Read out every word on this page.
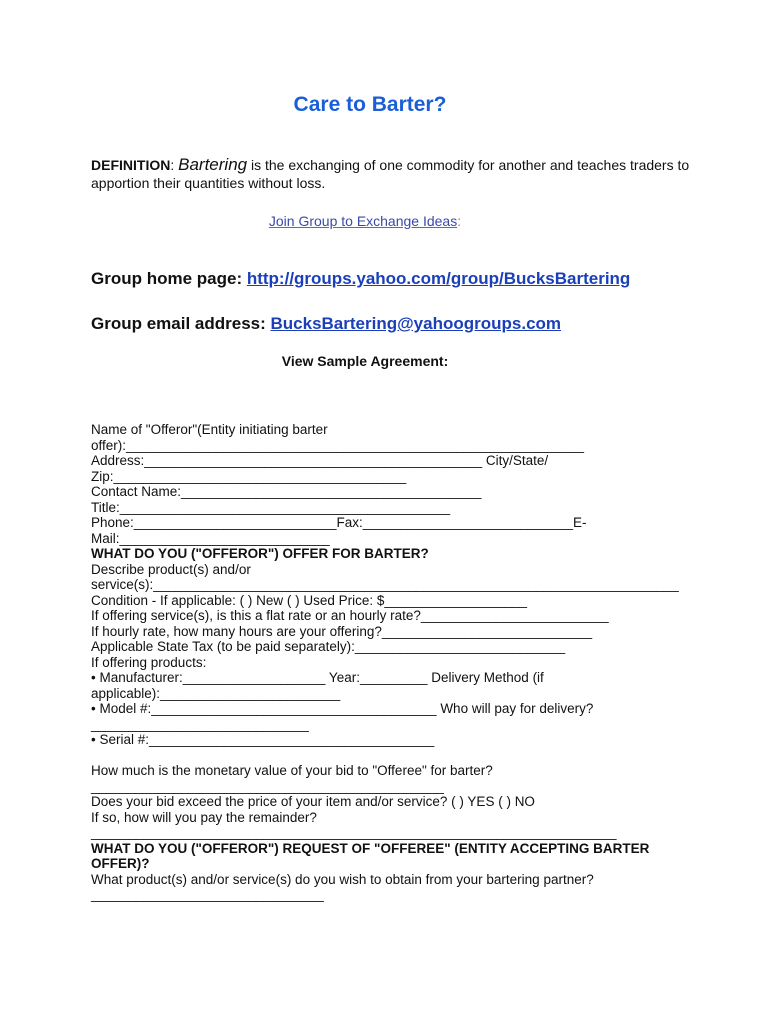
Care to Barter?
DEFINITION: Bartering is the exchanging of one commodity for another and teaches traders to apportion their quantities without loss.
Join Group to Exchange Ideas:
Group home page: http://groups.yahoo.com/group/BucksBartering
Group email address: BucksBartering@yahoogroups.com
View Sample Agreement:
Name of "Offeror"(Entity initiating barter
offer):_____________________________________________________________
Address:_____________________________________________ City/State/
Zip:_______________________________________
Contact Name:________________________________________
Title:____________________________________________
Phone:___________________________Fax:____________________________E-
Mail:____________________________
WHAT DO YOU ("OFFEROR") OFFER FOR BARTER?
Describe product(s) and/or
service(s):______________________________________________________________________
Condition - If applicable: ( ) New ( ) Used Price: $___________________
If offering service(s), is this a flat rate or an hourly rate?_________________________
If hourly rate, how many hours are your offering?____________________________
Applicable State Tax (to be paid separately):____________________________
If offering products:
• Manufacturer:___________________ Year:_________ Delivery Method (if
applicable):________________________
• Model #:______________________________________ Who will pay for delivery?
_____________________________
• Serial #:______________________________________
How much is the monetary value of your bid to "Offeree" for barter?
_______________________________________________
Does your bid exceed the price of your item and/or service? ( ) YES ( ) NO
If so, how will you pay the remainder?
______________________________________________________________________
WHAT DO YOU ("OFFEROR") REQUEST OF "OFFEREE" (ENTITY ACCEPTING BARTER
OFFER)?
What product(s) and/or service(s) do you wish to obtain from your bartering partner?
_______________________________
